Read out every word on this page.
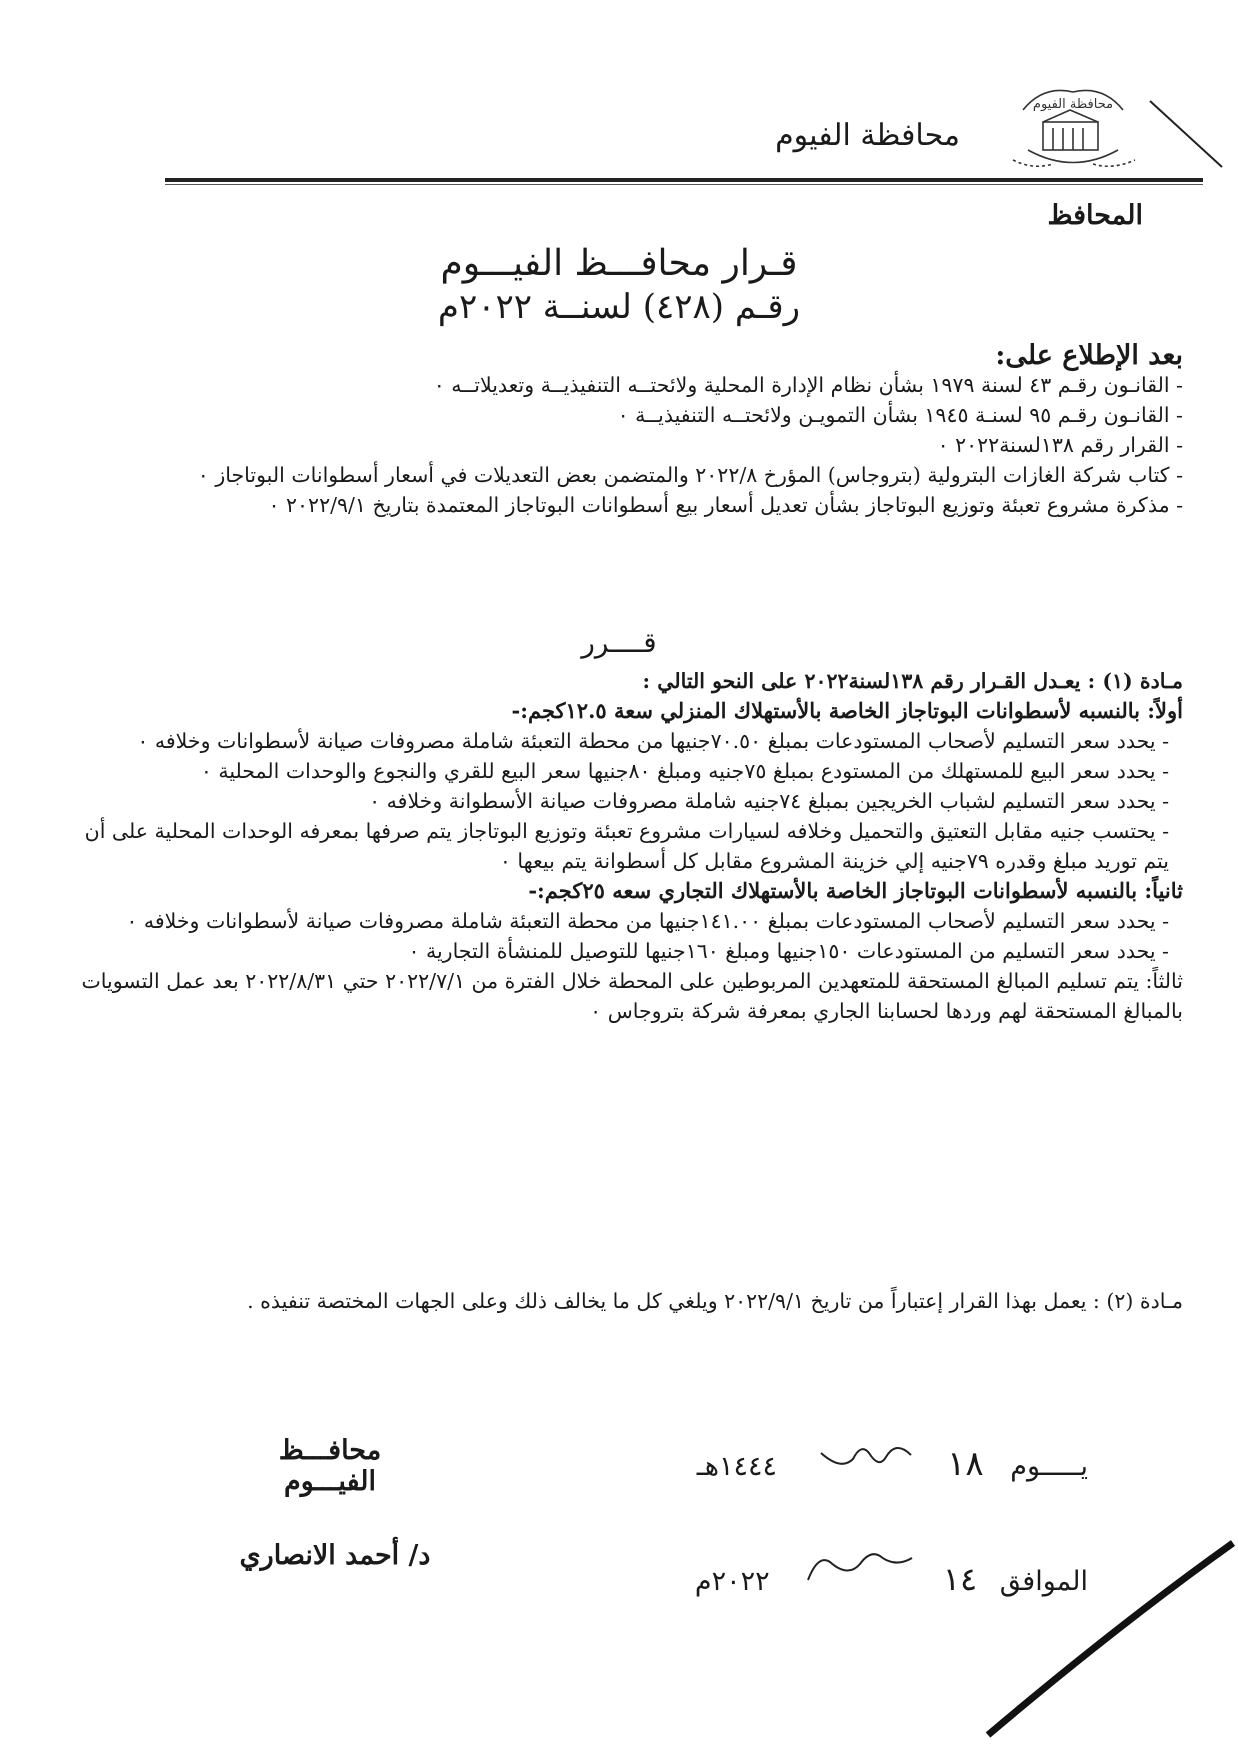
محافظة الفيوم
محافظة الفيوم
المحافظ
قـرار محافـــظ الفيـــوم
رقـم (٤٢٨) لسنــة ٢٠٢٢م
بعد الإطلاع على:
- القانـون رقـم ٤٣ لسنة ١٩٧٩ بشأن نظام الإدارة المحلية ولائحتــه التنفيذيــة وتعديلاتــه ٠
- القانـون رقـم ٩٥ لسنـة ١٩٤٥ بشأن التمويـن ولائحتــه التنفيذيــة ٠
- القرار رقم ١٣٨لسنة٢٠٢٢ ٠
- كتاب شركة الغازات البترولية (بتروجاس) المؤرخ ٢٠٢٢/٨ والمتضمن بعض التعديلات في أسعار أسطوانات البوتاجاز ٠
- مذكرة مشروع تعبئة وتوزيع البوتاجاز بشأن تعديل أسعار بيع أسطوانات البوتاجاز المعتمدة بتاريخ ٢٠٢٢/٩/١ ٠
قــــرر
مـادة (١) : يعـدل القـرار رقم ١٣٨لسنة٢٠٢٢ على النحو التالي :
أولاً: بالنسبه لأسطوانات البوتاجاز الخاصة بالأستهلاك المنزلي سعة ١٢.٥كجم:-
- يحدد سعر التسليم لأصحاب المستودعات بمبلغ ٧٠.٥٠جنيها من محطة التعبئة شاملة مصروفات صيانة لأسطوانات وخلافه ٠
- يحدد سعر البيع للمستهلك من المستودع بمبلغ ٧٥جنيه ومبلغ ٨٠جنيها سعر البيع للقري والنجوع والوحدات المحلية ٠
- يحدد سعر التسليم لشباب الخريجين بمبلغ ٧٤جنيه شاملة مصروفات صيانة الأسطوانة وخلافه ٠
- يحتسب جنيه مقابل التعتيق والتحميل وخلافه لسيارات مشروع تعبئة وتوزيع البوتاجاز يتم صرفها بمعرفه الوحدات المحلية على أن يتم توريد مبلغ وقدره ٧٩جنيه إلي خزينة المشروع مقابل كل أسطوانة يتم بيعها ٠
ثانياً: بالنسبه لأسطوانات البوتاجاز الخاصة بالأستهلاك التجاري سعه ٢٥كجم:-
- يحدد سعر التسليم لأصحاب المستودعات بمبلغ ١٤١.٠٠جنيها من محطة التعبئة شاملة مصروفات صيانة لأسطوانات وخلافه ٠
- يحدد سعر التسليم من المستودعات ١٥٠جنيها ومبلغ ١٦٠جنيها للتوصيل للمنشأة التجارية ٠
ثالثاً: يتم تسليم المبالغ المستحقة للمتعهدين المربوطين على المحطة خلال الفترة من ٢٠٢٢/٧/١ حتي ٢٠٢٢/٨/٣١ بعد عمل التسويات بالمبالغ المستحقة لهم وردها لحسابنا الجاري بمعرفة شركة بتروجاس ٠
مـادة (٢) : يعمل بهذا القرار إعتباراً من تاريخ ٢٠٢٢/٩/١ ويلغي كل ما يخالف ذلك وعلى الجهات المختصة تنفيذه .
يـــــوم ١٨  ١٤٤٤هـ
الموافق ١٤  ٢٠٢٢م
محافـــظ الفيـــوم
د/ أحمد الانصاري
